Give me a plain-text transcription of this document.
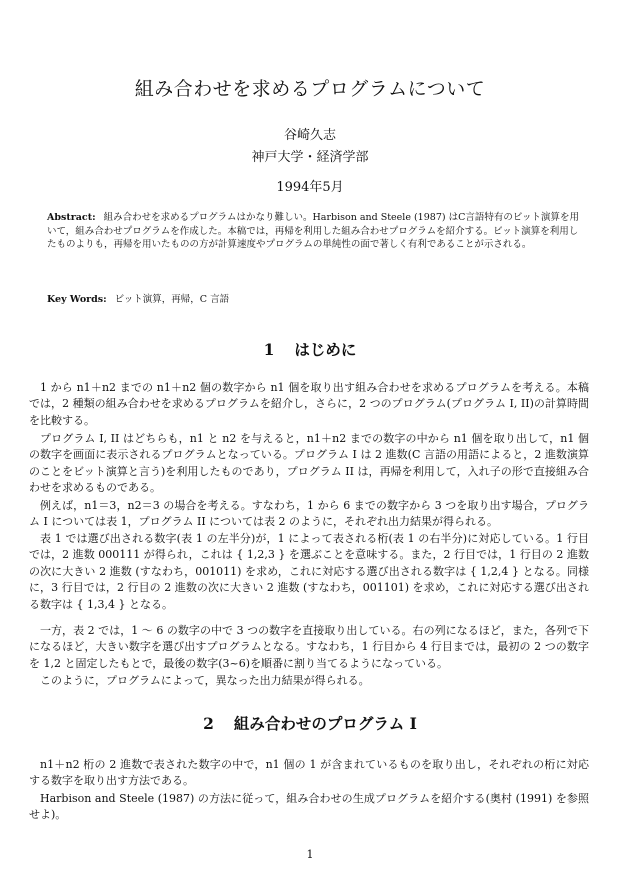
組み合わせを求めるプログラムについて
谷崎久志
神戸大学・経済学部
1994年5月
Abstract: 組み合わせを求めるプログラムはかなり難しい。Harbison and Steele (1987) はC言語特有のビット演算を用いて，組み合わせプログラムを作成した。本稿では，再帰を利用した組み合わせプログラムを紹介する。ビット演算を利用したものよりも，再帰を用いたものの方が計算速度やプログラムの単純性の面で著しく有利であることが示される。
Key Words: ビット演算，再帰，C 言語
1 はじめに

1 から n1＋n2 までの n1＋n2 個の数字から n1 個を取り出す組み合わせを求めるプログラムを考える。本稿では，2 種類の組み合わせを求めるプログラムを紹介し，さらに，2 つのプログラム(プログラム I, II)の計算時間を比較する。

プログラム I, II はどちらも，n1 と n2 を与えると，n1＋n2 までの数字の中から n1 個を取り出して，n1 個の数字を画面に表示されるプログラムとなっている。プログラム I は 2 進数(C 言語の用語によると，2 進数演算のことをビット演算と言う)を利用したものであり，プログラム II は，再帰を利用して，入れ子の形で直接組み合わせを求めるものである。

例えば，n1＝3，n2＝3 の場合を考える。すなわち，1 から 6 までの数字から 3 つを取り出す場合，プログラム I については表 1，プログラム II については表 2 のように，それぞれ出力結果が得られる。

表 1 では選び出される数字(表 1 の左半分)が，1 によって表される桁(表 1 の右半分)に対応している。1 行目では，2 進数 000111 が得られ，これは { 1,2,3 } を選ぶことを意味する。また，2 行目では，1 行目の 2 進数の次に大きい 2 進数 (すなわち，001011) を求め，これに対応する選び出される数字は { 1,2,4 } となる。同様に，3 行目では，2 行目の 2 進数の次に大きい 2 進数 (すなわち，001101) を求め，これに対応する選び出される数字は { 1,3,4 } となる。

一方，表 2 では，1 ～ 6 の数字の中で 3 つの数字を直接取り出している。右の列になるほど，また，各列で下になるほど，大きい数字を選び出すプログラムとなる。すなわち，1 行目から 4 行目までは，最初の 2 つの数字を 1,2 と固定したもとで，最後の数字(3~6)を順番に割り当てるようになっている。

このように，プログラムによって，異なった出力結果が得られる。

2 組み合わせのプログラム I

n1＋n2 桁の 2 進数で表された数字の中で，n1 個の 1 が含まれているものを取り出し，それぞれの桁に対応する数字を取り出す方法である。

Harbison and Steele (1987) の方法に従って，組み合わせの生成プログラムを紹介する(奥村 (1991) を参照せよ)。

1
